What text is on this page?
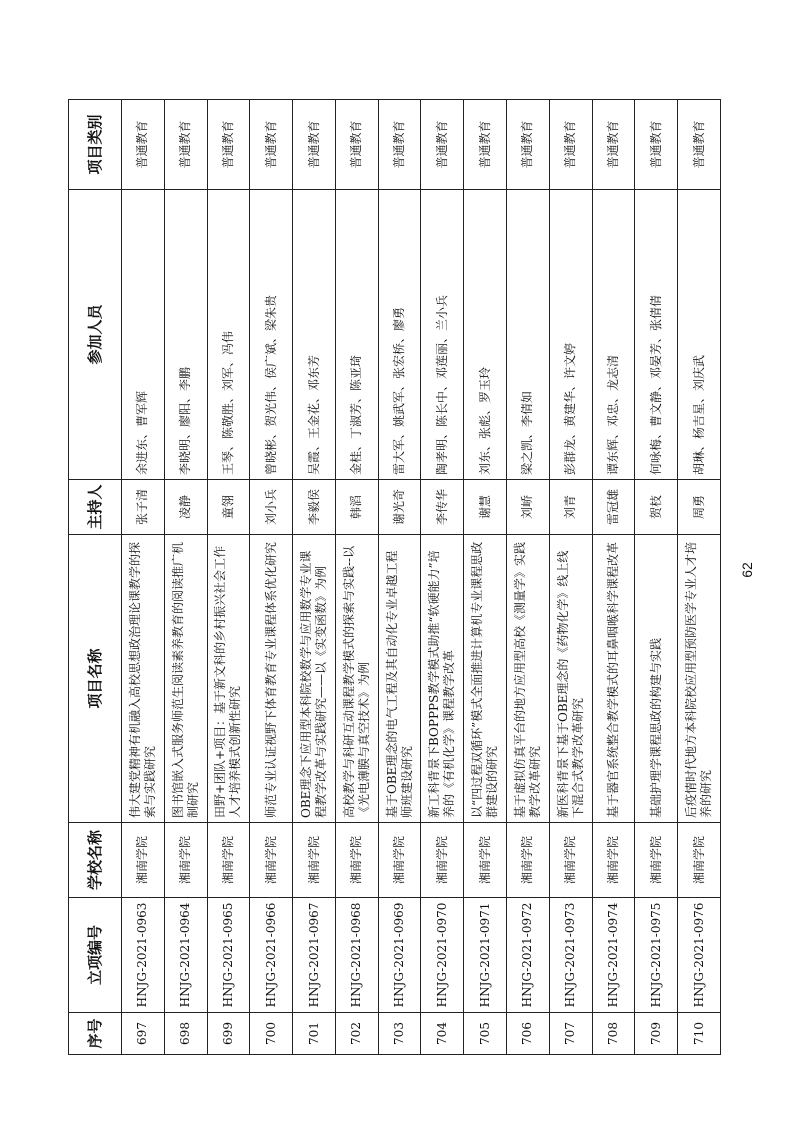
序号	立项编号	学校名称	项目名称	主持人	参加人员	项目类别
697	HNJG-2021-0963	湘南学院	伟大建党精神有机融入高校思想政治理论课教学的探索与实践研究	张子清	余进东、曹军辉	普通教育
698	HNJG-2021-0964	湘南学院	图书馆嵌入式服务师范生阅读素养教育的阅读推广机制研究	凌静	李晓明、廖阳、李鹏	普通教育
699	HNJG-2021-0965	湘南学院	田野+团队+项目：基于新文科的乡村振兴社会工作人才培养模式创新性研究	童翎	王琴、陈敬胜、刘军、冯伟	普通教育
700	HNJG-2021-0966	湘南学院	师范专业认证视野下体育教育专业课程体系优化研究	刘小兵	曾晓彬、贺光伟、侯广斌、梁朱贵	普通教育
701	HNJG-2021-0967	湘南学院	OBE理念下应用型本科院校数学与应用数学专业课程教学改革与实践研究——以《实变函数》为例	李毅侯	吴霞、王金花、邓东芳	普通教育
702	HNJG-2021-0968	湘南学院	高校教学与科研互动课程教学模式的探索与实践--以《光电薄膜与真空技术》为例	韩滔	金桂、丁淑芳、陈亚琦	普通教育
703	HNJG-2021-0969	湘南学院	基于OBE理念的电气工程及其自动化专业卓越工程师班建设研究	谢光奇	雷大军、姚武军、张宏桥、廖勇	普通教育
704	HNJG-2021-0970	湘南学院	新工科背景下BOPPPS教学模式助推“软硬能力”培养的《有机化学》课程教学改革	李传华	陶孝明、陈长中、邓莲丽、兰小兵	普通教育
705	HNJG-2021-0971	湘南学院	以“四过程双循环”模式全面推进计算机专业课程思政群建设的研究	谢慧	刘东、张彪、罗玉玲	普通教育
706	HNJG-2021-0972	湘南学院	基于虚拟仿真平台的地方应用型高校《测量学》实践教学改革研究	刘峤	梁之凯、李倩如	普通教育
707	HNJG-2021-0973	湘南学院	新医科背景下基于OBE理念的《药物化学》线上线下混合式教学改革研究	刘青	彭群龙、黄建华、许文婷	普通教育
708	HNJG-2021-0974	湘南学院	基于器官系统整合教学模式的耳鼻咽喉科学课程改革	雷冠雄	谭东辉、邓忠、龙志清	普通教育
709	HNJG-2021-0975	湘南学院	基础护理学课程思政的构建与实践	贺枝	何咏梅、曹文静、邓晏芳、张倩倩	普通教育
710	HNJG-2021-0976	湘南学院	后疫情时代地方本科院校应用型预防医学专业人才培养的研究	周勇	胡琳、杨吉星、刘庆武	普通教育
62
